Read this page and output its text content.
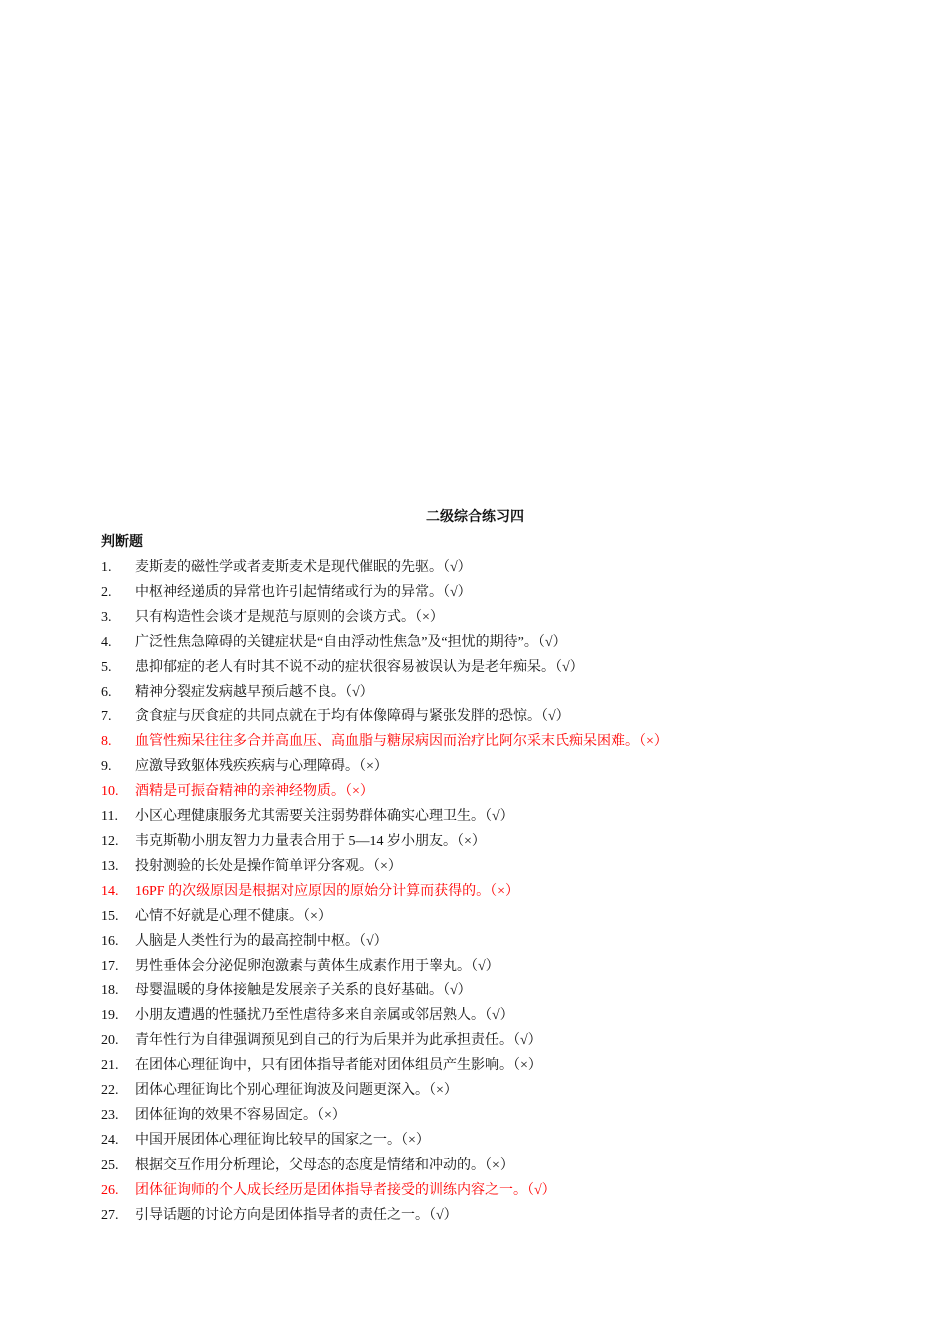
二级综合练习四
判断题
1.	麦斯麦的磁性学或者麦斯麦术是现代催眠的先驱。（√）
2.	中枢神经递质的异常也许引起情绪或行为的异常。（√）
3.	只有构造性会谈才是规范与原则的会谈方式。（×）
4.	广泛性焦急障碍的关键症状是“自由浮动性焦急”及“担忧的期待”。（√）
5.	患抑郁症的老人有时其不说不动的症状很容易被误认为是老年痴呆。（√）
6.	精神分裂症发病越早预后越不良。（√）
7.	贪食症与厌食症的共同点就在于均有体像障碍与紧张发胖的恐惊。（√）
8.	血管性痴呆往往多合并高血压、高血脂与糖尿病因而治疗比阿尔采末氏痴呆困难。（×）
9.	应激导致躯体残疾疾病与心理障碍。（×）
10.	酒精是可振奋精神的亲神经物质。（×）
11.	小区心理健康服务尤其需要关注弱势群体确实心理卫生。（√）
12.	韦克斯勒小朋友智力力量表合用于 5—14 岁小朋友。（×）
13.	投射测验的长处是操作简单评分客观。（×）
14.	16PF 的次级原因是根据对应原因的原始分计算而获得的。（×）
15.	心情不好就是心理不健康。（×）
16.	人脑是人类性行为的最高控制中枢。（√）
17.	男性垂体会分泌促卵泡激素与黄体生成素作用于睾丸。（√）
18.	母婴温暖的身体接触是发展亲子关系的良好基础。（√）
19.	小朋友遭遇的性骚扰乃至性虐待多来自亲属或邻居熟人。（√）
20.	青年性行为自律强调预见到自己的行为后果并为此承担责任。（√）
21.	在团体心理征询中，只有团体指导者能对团体组员产生影响。（×）
22.	团体心理征询比个别心理征询波及问题更深入。（×）
23.	团体征询的效果不容易固定。（×）
24.	中国开展团体心理征询比较早的国家之一。（×）
25.	根据交互作用分析理论，父母态的态度是情绪和冲动的。（×）
26.	团体征询师的个人成长经历是团体指导者接受的训练内容之一。（√）
27.	引导话题的讨论方向是团体指导者的责任之一。（√）
